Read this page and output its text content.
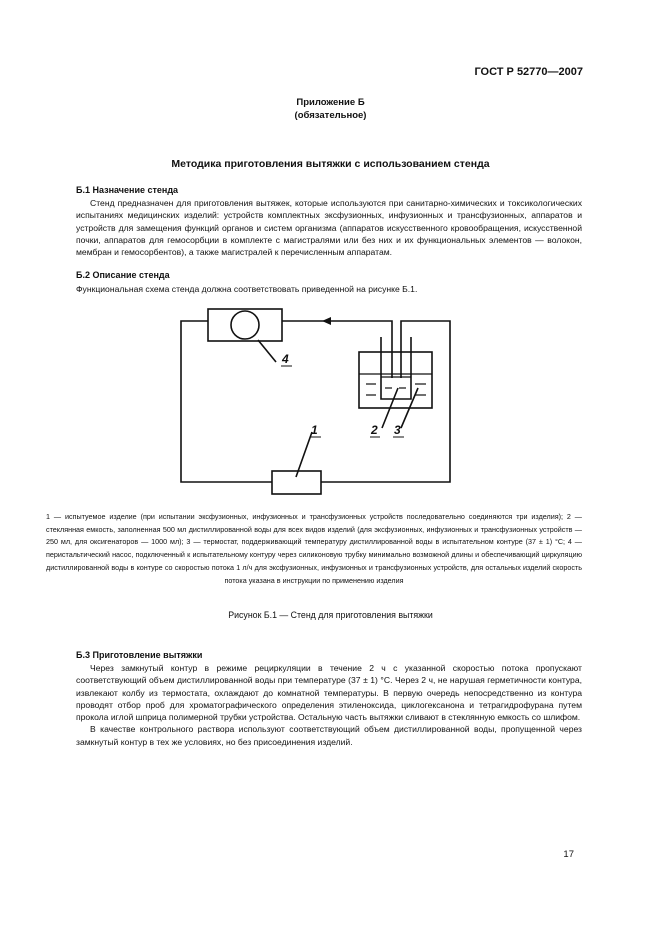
ГОСТ Р 52770—2007
Приложение Б
(обязательное)
Методика приготовления вытяжки с использованием стенда
Б.1 Назначение стенда

Стенд предназначен для приготовления вытяжек, которые используются при санитарно-химических и токсикологических испытаниях медицинских изделий: устройств комплектных эксфузионных, инфузионных и трансфузионных, аппаратов и устройств для замещения функций органов и систем организма (аппаратов искусственного кровообращения, искусственной почки, аппаратов для гемосорбции в комплекте с магистралями или без них и их функциональных элементов — волокон, мембран и гемосорбентов), а также магистралей к перечисленным аппаратам.

Б.2 Описание стенда

Функциональная схема стенда должна соответствовать приведенной на рисунке Б.1.

4
1	2 3
1 — испытуемое изделие (при испытании эксфузионных, инфузионных и трансфузионных устройств последовательно соединяются три изделия); 2 — стеклянная емкость, заполненная 500 мл дистиллированной воды для всех видов изделий (для эксфузионных, инфузионных и трансфузионных устройств — 250 мл, для оксигенаторов — 1000 мл); 3 — термостат, поддерживающий температуру дистиллированной воды в испытательном контуре (37 ± 1) °С; 4 — перистальтический насос, подключенный к испытательному контуру через силиконовую трубку минимально возможной длины и обеспечивающий циркуляцию дистиллированной воды в контуре со скоростью потока 1 л/ч для эксфузионных, инфузионных и трансфузионных устройств, для остальных изделий скорость потока указана в инструкции по применению изделия
Рисунок Б.1 — Стенд для приготовления вытяжки
Б.3 Приготовление вытяжки

Через замкнутый контур в режиме рециркуляции в течение 2 ч с указанной скоростью потока пропускают соответствующий объем дистиллированной воды при температуре (37 ± 1) °С. Через 2 ч, не нарушая герметичности контура, извлекают колбу из термостата, охлаждают до комнатной температуры. В первую очередь непосредственно из контура проводят отбор проб для хроматографического определения этиленоксида, циклогексанона и тетрагидрофурана путем прокола иглой шприца полимерной трубки устройства. Остальную часть вытяжки сливают в стеклянную емкость со шлифом.

В качестве контрольного раствора используют соответствующий объем дистиллированной воды, пропущенной через замкнутый контур в тех же условиях, но без присоединения изделий.

17
